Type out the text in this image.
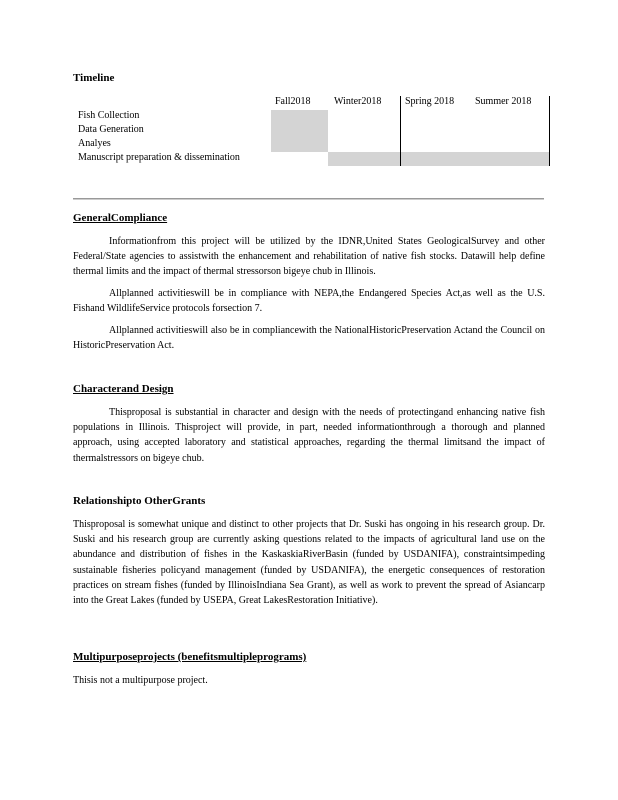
Timeline
Fall2018 Winter2018 Spring 2018 Summer 2018
Fish Collection
Data Generation
Analyes
Manuscript preparation & dissemination
GeneralCompliance
Informationfrom this project will be utilized by the IDNR,United States GeologicalSurvey and other Federal/State agencies to assistwith the enhancement and rehabilitation of native fish stocks. Datawill help define thermal limits and the impact of thermal stressorson bigeye chub in Illinois.
Allplanned activitieswill be in compliance with NEPA,the Endangered Species Act,as well as the U.S. Fishand WildlifeService protocols forsection 7.
Allplanned activitieswill also be in compliancewith the NationalHistoricPreservation Actand the Council on HistoricPreservation Act.
Characterand Design
Thisproposal is substantial in character and design with the needs of protectingand enhancing native fish populations in Illinois. Thisproject will provide, in part, needed informationthrough a thorough and planned approach, using accepted laboratory and statistical approaches, regarding the thermal limitsand the impact of thermalstressors on bigeye chub.
Relationshipto OtherGrants
Thisproposal is somewhat unique and distinct to other projects that Dr. Suski has ongoing in his research group. Dr. Suski and his research group are currently asking questions related to the impacts of agricultural land use on the abundance and distribution of fishes in the KaskaskiaRiverBasin (funded by USDANIFA), constraintsimpeding sustainable fisheries policyand management (funded by USDANIFA), the energetic consequences of restoration practices on stream fishes (funded by IllinoisIndiana Sea Grant), as well as work to prevent the spread of Asiancarp into the Great Lakes (funded by USEPA, Great LakesRestoration Initiative).
Multipurposeprojects (benefitsmultipleprograms)
Thisis not a multipurpose project.
